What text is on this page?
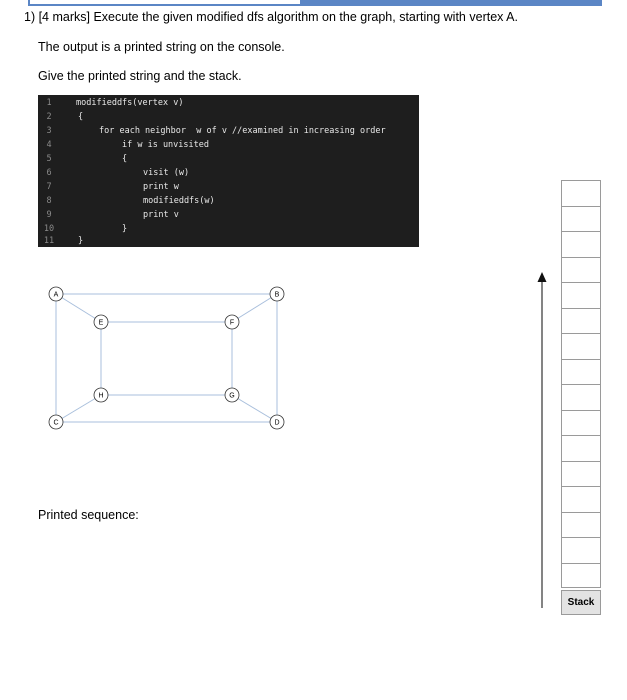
1) [4 marks] Execute the given modified dfs algorithm on the graph, starting with vertex A.
The output is a printed string on the console.
Give the printed string and the stack.
1
2
3
4
5
6
7
8
9
10
11
modifieddfs(vertex v)
{
for each neighbor  w of v //examined in increasing order
if w is unvisited
{
visit (w)
print w
modifieddfs(w)
print v
}
}
A	B
C	D
E	F
G
H
Printed sequence:
Stack
